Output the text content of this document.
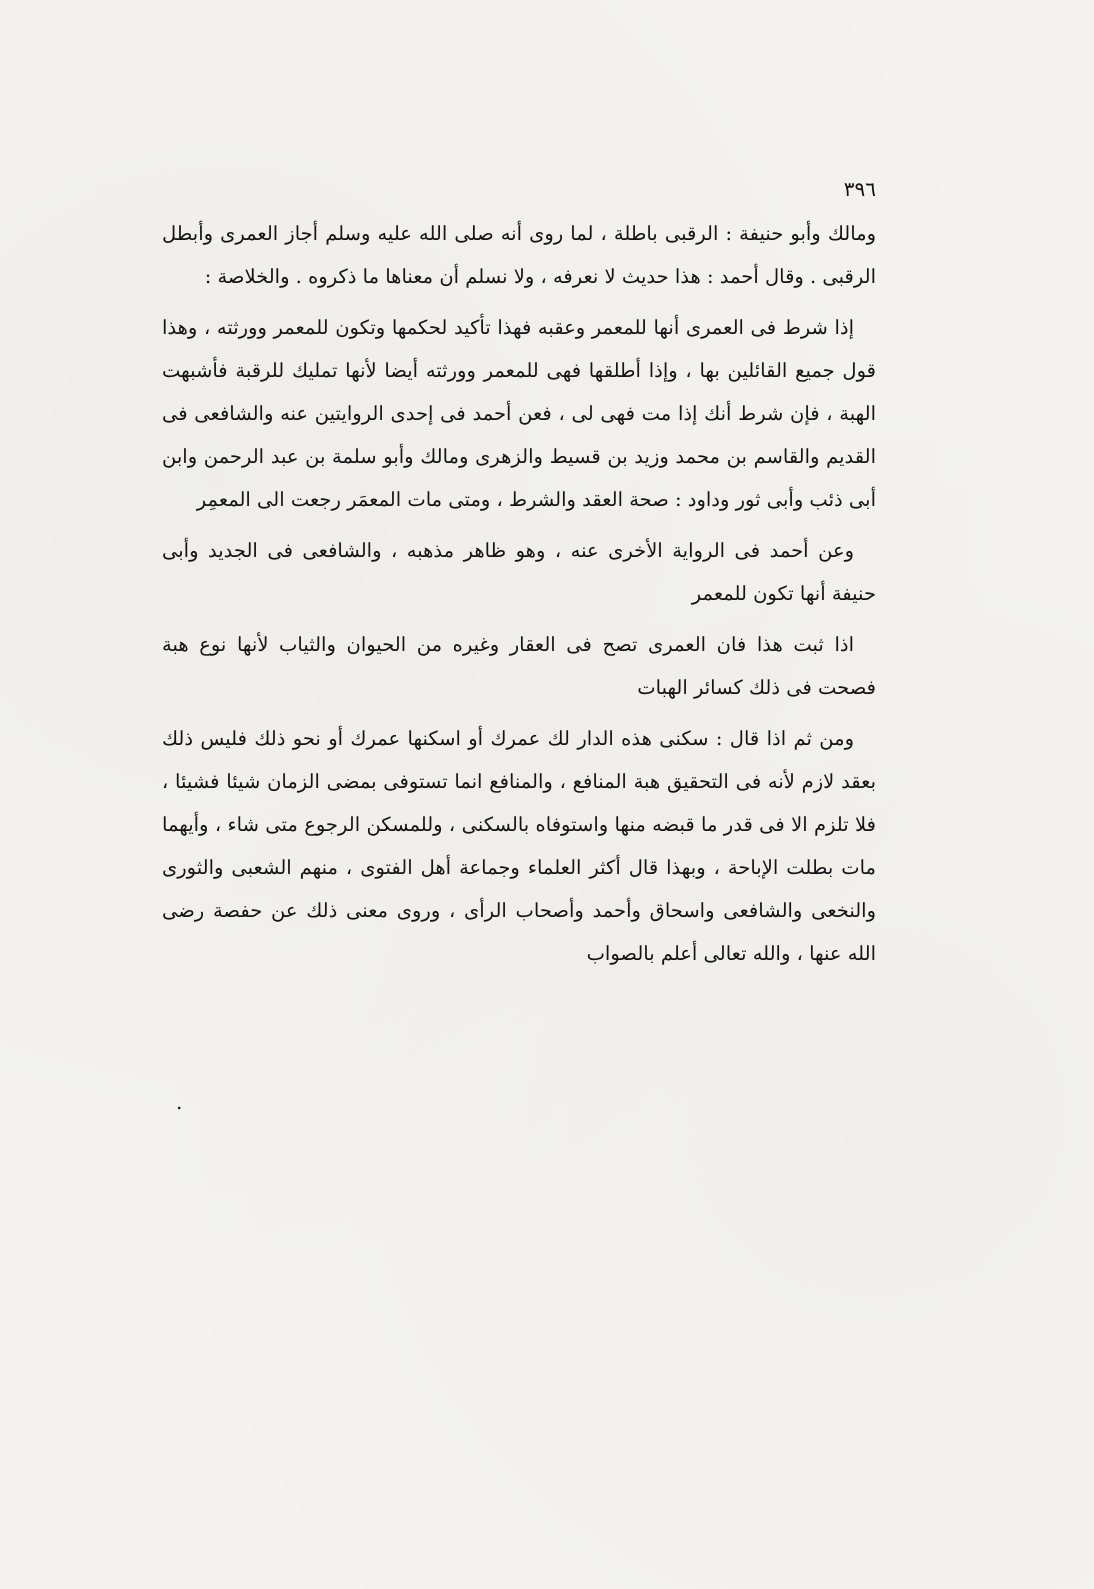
٣٩٦

ومالك وأبو حنيفة : الرقبى باطلة ، لما روى أنه صلى الله عليه وسلم أجاز العمرى وأبطل الرقبى . وقال أحمد : هذا حديث لا نعرفه ، ولا نسلم أن معناها ما ذكروه . والخلاصة :

إذا شرط فى العمرى أنها للمعمر وعقبه فهذا تأكيد لحكمها وتكون للمعمر وورثته ، وهذا قول جميع القائلين بها ، وإذا أطلقها فهى للمعمر وورثته أيضا لأنها تمليك للرقبة فأشبهت الهبة ، فإن شرط أنك إذا مت فهى لى ، فعن أحمد فى إحدى الروايتين عنه والشافعى فى القديم والقاسم بن محمد وزيد بن قسيط والزهرى ومالك وأبو سلمة بن عبد الرحمن وابن أبى ذئب وأبى ثور وداود : صحة العقد والشرط ، ومتى مات المعمَر رجعت الى المعمِر

وعن أحمد فى الرواية الأخرى عنه ، وهو ظاهر مذهبه ، والشافعى فى الجديد وأبى حنيفة أنها تكون للمعمر

اذا ثبت هذا فان العمرى تصح فى العقار وغيره من الحيوان والثياب لأنها نوع هبة فصحت فى ذلك كسائر الهبات

ومن ثم اذا قال : سكنى هذه الدار لك عمرك أو اسكنها عمرك أو نحو ذلك فليس ذلك بعقد لازم لأنه فى التحقيق هبة المنافع ، والمنافع انما تستوفى بمضى الزمان شيئا فشيئا ، فلا تلزم الا فى قدر ما قبضه منها واستوفاه بالسكنى ، وللمسكن الرجوع متى شاء ، وأيهما مات بطلت الإباحة ، وبهذا قال أكثر العلماء وجماعة أهل الفتوى ، منهم الشعبى والثورى والنخعى والشافعى واسحاق وأحمد وأصحاب الرأى ، وروى معنى ذلك عن حفصة رضى الله عنها ، والله تعالى أعلم بالصواب

.
